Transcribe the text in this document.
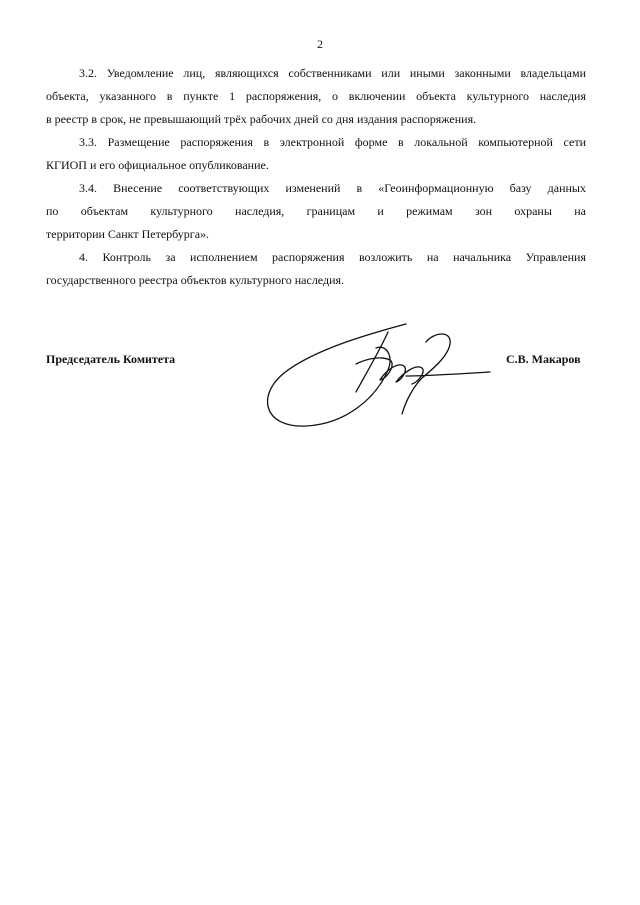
2
3.2. Уведомление лиц, являющихся собственниками или иными законными владельцами
объекта, указанного в пункте 1 распоряжения, о включении объекта культурного наследия
в реестр в срок, не превышающий трёх рабочих дней со дня издания распоряжения.
3.3. Размещение распоряжения в электронной форме в локальной компьютерной сети
КГИОП и его официальное опубликование.
3.4. Внесение соответствующих изменений в «Геоинформационную базу данных
по объектам культурного наследия, границам и режимам зон охраны на
территории Санкт Петербурга».
4. Контроль за исполнением распоряжения возложить на начальника Управления
государственного реестра объектов культурного наследия.
Председатель Комитета	С.В. Макаров
